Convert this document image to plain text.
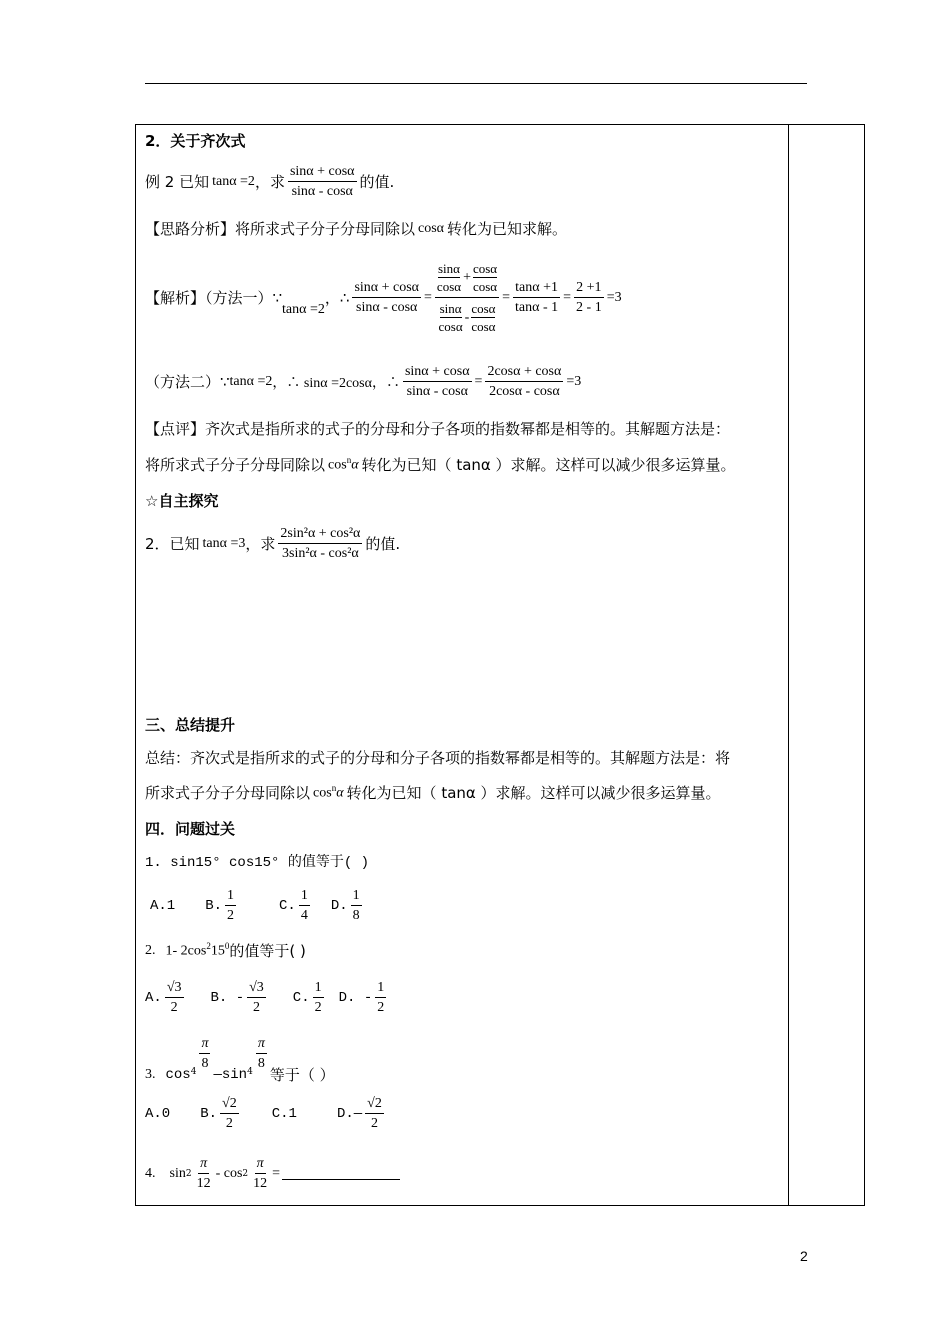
2．关于齐次式
例 2 已知 tanα =2 ，求 $\frac{\sin\alpha + \cos\alpha}{\sin\alpha - \cos\alpha}$ 的值.
【思路分析】将所求式子分子分母同除以 cosα 转化为已知求解。
【解析】（方法一）∵
tanα =2
，∴ $\frac{\sin\alpha + \cos\alpha}{\sin\alpha - \cos\alpha} = \sin\alpha$
cosα
+ $\frac{\cos\alpha}{\cos\alpha}$
sinα
cosα
-
cosα
$\cos\alpha = \frac{\tan\alpha +1}{\tan\alpha - 1} = \frac{2 +1}{2 - 1} =3$
（方法二）∵ tanα =2 ，∴ sinα =2cosα，∴ $\frac{\sin\alpha + \cos\alpha}{\sin\alpha - \cos\alpha} = \frac{2\cos\alpha + \cos\alpha}{2\cos\alpha - \cos\alpha} =3$
【点评】齐次式是指所求的式子的分母和分子各项的指数幂都是相等的。其解题方法是：
将所求式子分子分母同除以 $\cos^n\alpha$ 转化为已知（ tanα ）求解。这样可以减少很多运算量。
☆自主探究
2．已知 tanα =3 ，求 $\frac{\text{2sin²α + cos²α}}{\text{3sin²α - cos²α}}$ 的值.
三、总结提升
总结：齐次式是指所求的式子的分母和分子各项的指数幂都是相等的。其解题方法是：将
所求式子分子分母同除以 $\cos^n\alpha$ 转化为已知（ tanα ）求解。这样可以减少很多运算量。
四．问题过关
1. sin15° cos15° 的值等于( )
A.1 B. $\frac{1}{2}$	C. $\frac{1}{4} D$. $\frac{1}{8}$
2. 1- $2\cos^215^0$ 的值等于( )
A. $\frac{√3}{2} B$. - $\frac{√3}{2} C$. $\frac{1}{2} D$. - $\frac{1}{2}$
3. $\cos^4 \frac{\pi}{8}$
$—\sin^4 \frac{\pi}{8}$
等于（ ）
A.0 B. $\frac{√2}{2} C.1$	D.— $\frac{√2}{2}$
4. $\sin 2 \frac{\pi}{12}$ - $\cos 2 \frac{\pi}{12}$ =
2
